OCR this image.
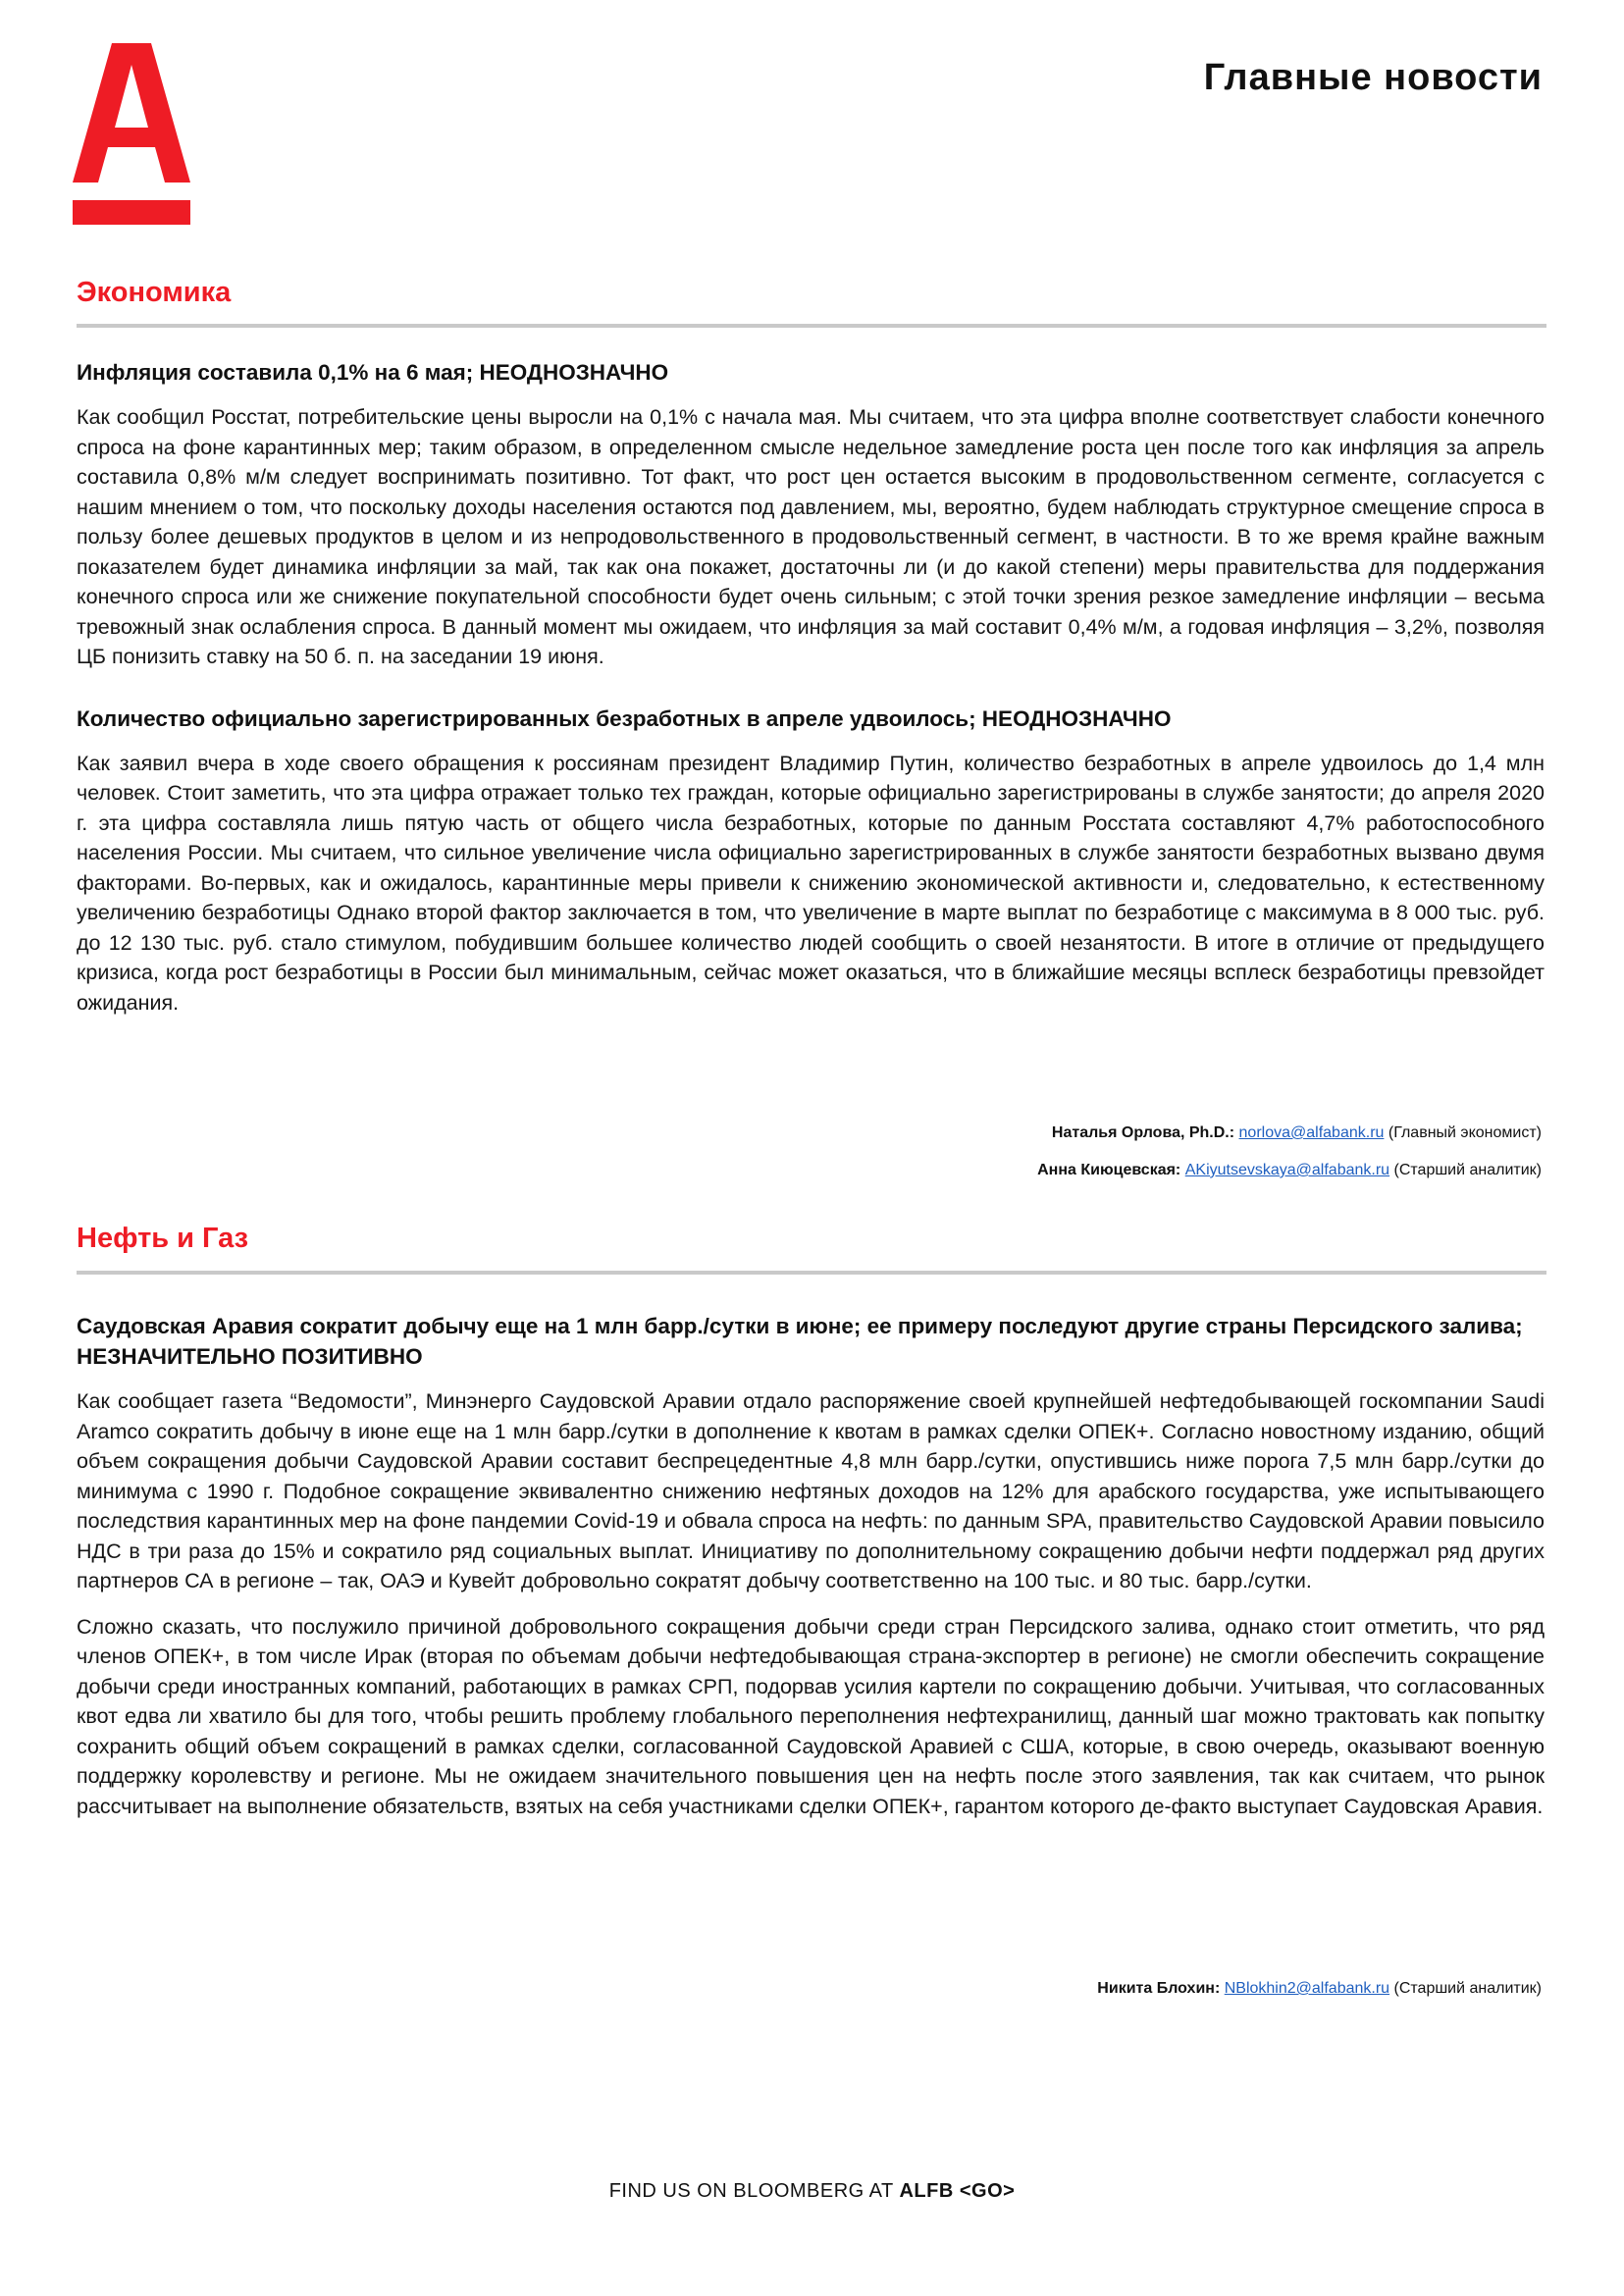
Главные новости
Экономика
Инфляция составила 0,1% на 6 мая; НЕОДНОЗНАЧНО
Как сообщил Росстат, потребительские цены выросли на 0,1% с начала мая. Мы считаем, что эта цифра вполне соответствует слабости конечного спроса на фоне карантинных мер; таким образом, в определенном смысле недельное замедление роста цен после того как инфляция за апрель составила 0,8% м/м следует воспринимать позитивно. Тот факт, что рост цен остается высоким в продовольственном сегменте, согласуется с нашим мнением о том, что поскольку доходы населения остаются под давлением, мы, вероятно, будем наблюдать структурное смещение спроса в пользу более дешевых продуктов в целом и из непродовольственного в продовольственный сегмент, в частности. В то же время крайне важным показателем будет динамика инфляции за май, так как она покажет, достаточны ли (и до какой степени) меры правительства для поддержания конечного спроса или же снижение покупательной способности будет очень сильным; с этой точки зрения резкое замедление инфляции – весьма тревожный знак ослабления спроса. В данный момент мы ожидаем, что инфляция за май составит 0,4% м/м, а годовая инфляция – 3,2%, позволяя ЦБ понизить ставку на 50 б. п. на заседании 19 июня.
Количество официально зарегистрированных безработных в апреле удвоилось; НЕОДНОЗНАЧНО
Как заявил вчера в ходе своего обращения к россиянам президент Владимир Путин, количество безработных в апреле удвоилось до 1,4 млн человек. Стоит заметить, что эта цифра отражает только тех граждан, которые официально зарегистрированы в службе занятости; до апреля 2020 г. эта цифра составляла лишь пятую часть от общего числа безработных, которые по данным Росстата составляют 4,7% работоспособного населения России. Мы считаем, что сильное увеличение числа официально зарегистрированных в службе занятости безработных вызвано двумя факторами. Во-первых, как и ожидалось, карантинные меры привели к снижению экономической активности и, следовательно, к естественному увеличению безработицы Однако второй фактор заключается в том, что увеличение в марте выплат по безработице с максимума в 8 000 тыс. руб. до 12 130 тыс. руб. стало стимулом, побудившим большее количество людей сообщить о своей незанятости. В итоге в отличие от предыдущего кризиса, когда рост безработицы в России был минимальным, сейчас может оказаться, что в ближайшие месяцы всплеск безработицы превзойдет ожидания.
Наталья Орлова, Ph.D.: norlova@alfabank.ru (Главный экономист)
Анна Киюцевская: AKiyutsevskaya@alfabank.ru (Старший аналитик)
Нефть и Газ
Саудовская Аравия сократит добычу еще на 1 млн барр./сутки в июне; ее примеру последуют другие страны Персидского залива; НЕЗНАЧИТЕЛЬНО ПОЗИТИВНО
Как сообщает газета “Ведомости”, Минэнерго Саудовской Аравии отдало распоряжение своей крупнейшей нефтедобывающей госкомпании Saudi Aramco сократить добычу в июне еще на 1 млн барр./сутки в дополнение к квотам в рамках сделки ОПЕК+. Согласно новостному изданию, общий объем сокращения добычи Саудовской Аравии составит беспрецедентные 4,8 млн барр./сутки, опустившись ниже порога 7,5 млн барр./сутки до минимума с 1990 г. Подобное сокращение эквивалентно снижению нефтяных доходов на 12% для арабского государства, уже испытывающего последствия карантинных мер на фоне пандемии Covid-19 и обвала спроса на нефть: по данным SPA, правительство Саудовской Аравии повысило НДС в три раза до 15% и сократило ряд социальных выплат. Инициативу по дополнительному сокращению добычи нефти поддержал ряд других партнеров СА в регионе – так, ОАЭ и Кувейт добровольно сократят добычу соответственно на 100 тыс. и 80 тыс. барр./сутки.
Сложно сказать, что послужило причиной добровольного сокращения добычи среди стран Персидского залива, однако стоит отметить, что ряд членов ОПЕК+, в том числе Ирак (вторая по объемам добычи нефтедобывающая страна-экспортер в регионе) не смогли обеспечить сокращение добычи среди иностранных компаний, работающих в рамках СРП, подорвав усилия картели по сокращению добычи. Учитывая, что согласованных квот едва ли хватило бы для того, чтобы решить проблему глобального переполнения нефтехранилищ, данный шаг можно трактовать как попытку сохранить общий объем сокращений в рамках сделки, согласованной Саудовской Аравией с США, которые, в свою очередь, оказывают военную поддержку королевству и регионе. Мы не ожидаем значительного повышения цен на нефть после этого заявления, так как считаем, что рынок рассчитывает на выполнение обязательств, взятых на себя участниками сделки ОПЕК+, гарантом которого де-факто выступает Саудовская Аравия.
Никита Блохин: NBlokhin2@alfabank.ru (Старший аналитик)
FIND US ON BLOOMBERG AT ALFB <GO>
